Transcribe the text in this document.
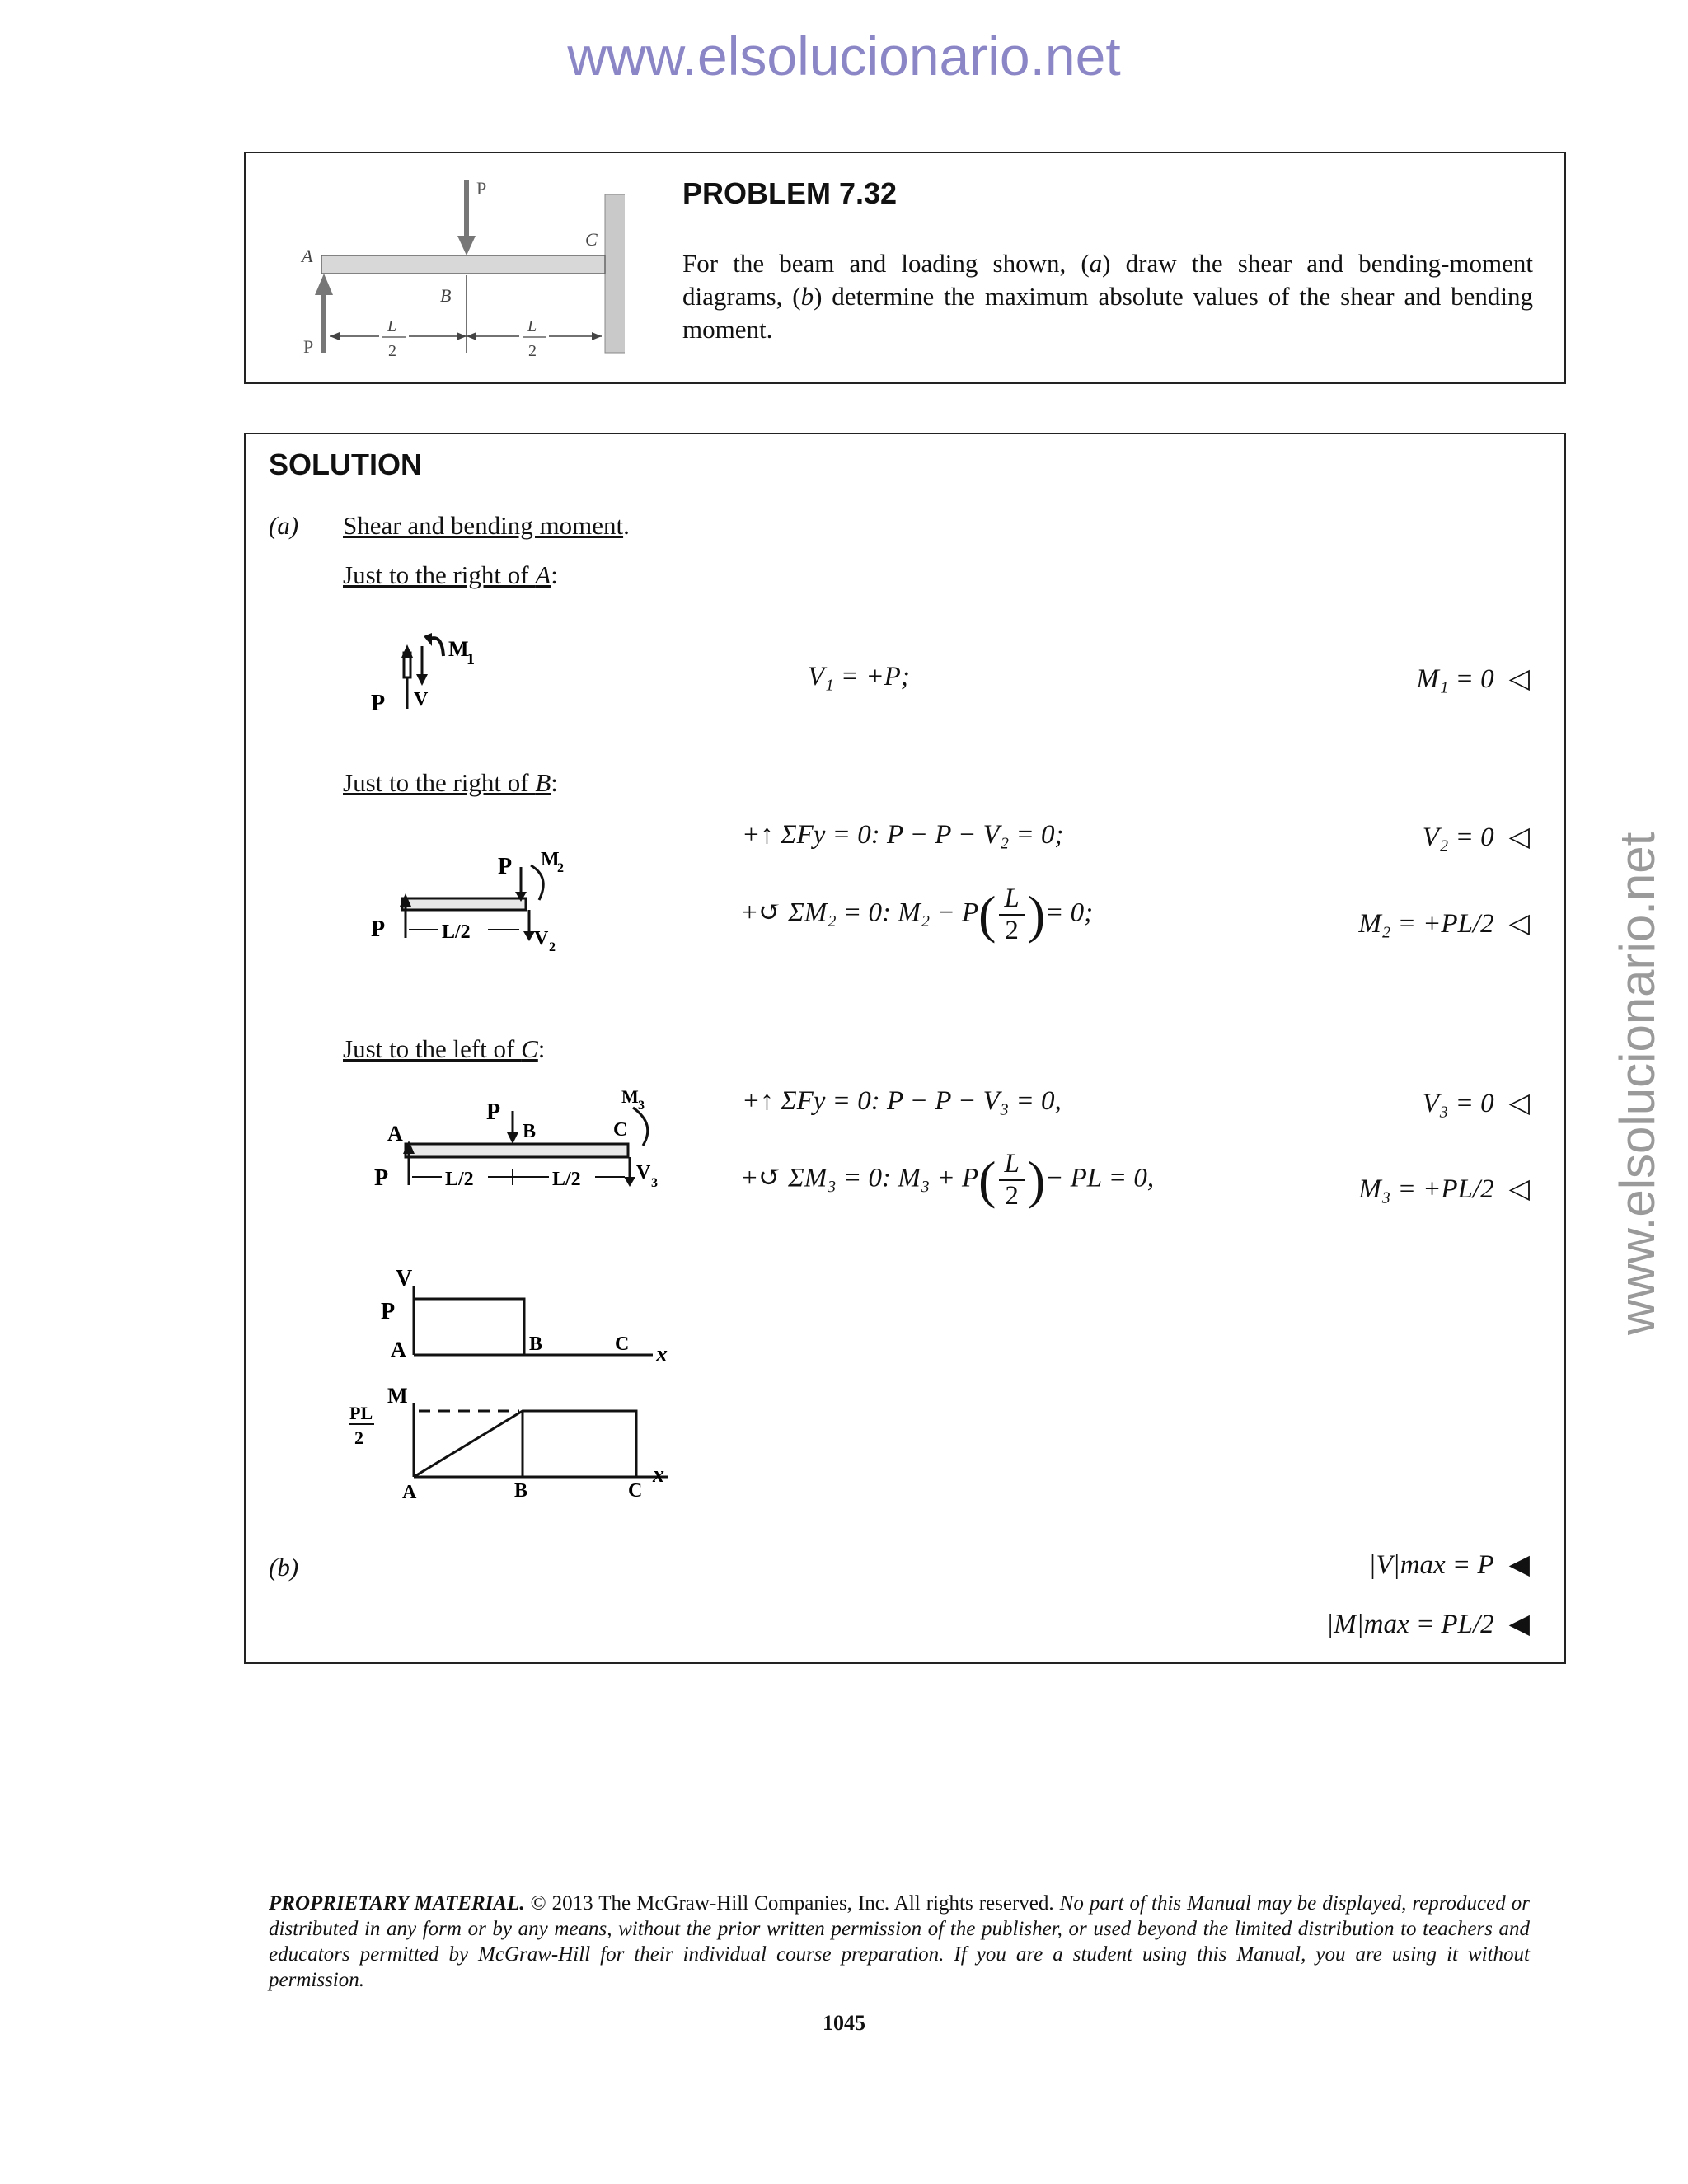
www.elsolucionario.net
www.elsolucionario.net
P
P
A
B
C
L
2
L
2
PROBLEM 7.32
For the beam and loading shown, (a) draw the shear and bending-moment diagrams, (b) determine the maximum absolute values of the shear and bending moment.
SOLUTION
(a) Shear and bending moment.
Just to the right of A:
P V
M
1
V₁ = +P;	M₁ = 0 ◁
Just to the right of B:
P
P M
2
L/2	V 2
+↑ ΣFy = 0: P − P − V₂ = 0;	V₂ = 0 ◁
+↺ ΣM₂ = 0: $M_2 - P( \frac{L}{2}$ )= 0;	M₂ = +PL/2 ◁
Just to the left of C:
A
P
B	C
M 3
P	L/2	L/2	V 3
+↑ ΣFy = 0: P − P − V₃ = 0,	V₃ = 0 ◁
+↺ ΣM₃ = 0: $M_3 + P( \frac{L}{2}$ )− PL = 0,	M₃ = +PL/2 ◁
V
P
A	B	C x
M
PL
2
A	B	C
x
(b)	|V|max = P ◀
|M|max = PL/2 ◀
PROPRIETARY MATERIAL. © 2013 The McGraw-Hill Companies, Inc. All rights reserved. No part of this Manual may be displayed, reproduced or distributed in any form or by any means, without the prior written permission of the publisher, or used beyond the limited distribution to teachers and educators permitted by McGraw-Hill for their individual course preparation. If you are a student using this Manual, you are using it without permission.
1045
